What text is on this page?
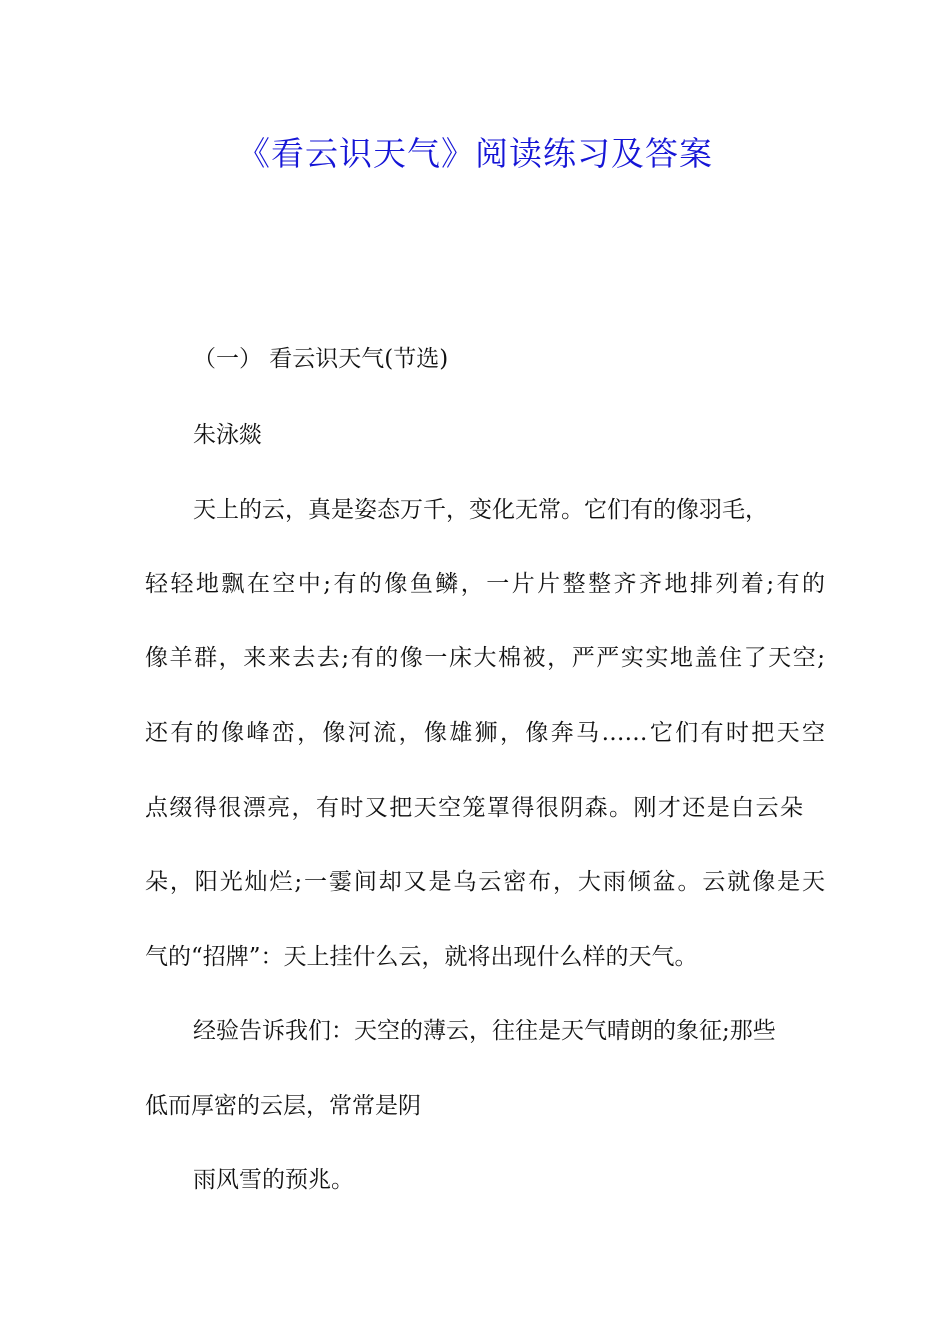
《看云识天气》阅读练习及答案
（一） 看云识天气(节选)
朱泳燚
天上的云，真是姿态万千，变化无常。它们有的像羽毛，
轻轻地飘在空中;有的像鱼鳞，一片片整整齐齐地排列着;有的
像羊群，来来去去;有的像一床大棉被，严严实实地盖住了天空;
还有的像峰峦，像河流，像雄狮，像奔马……它们有时把天空
点缀得很漂亮，有时又把天空笼罩得很阴森。刚才还是白云朵
朵，阳光灿烂;一霎间却又是乌云密布，大雨倾盆。云就像是天
气的“招牌”：天上挂什么云，就将出现什么样的天气。
经验告诉我们：天空的薄云，往往是天气晴朗的象征;那些
低而厚密的云层，常常是阴
雨风雪的预兆。
